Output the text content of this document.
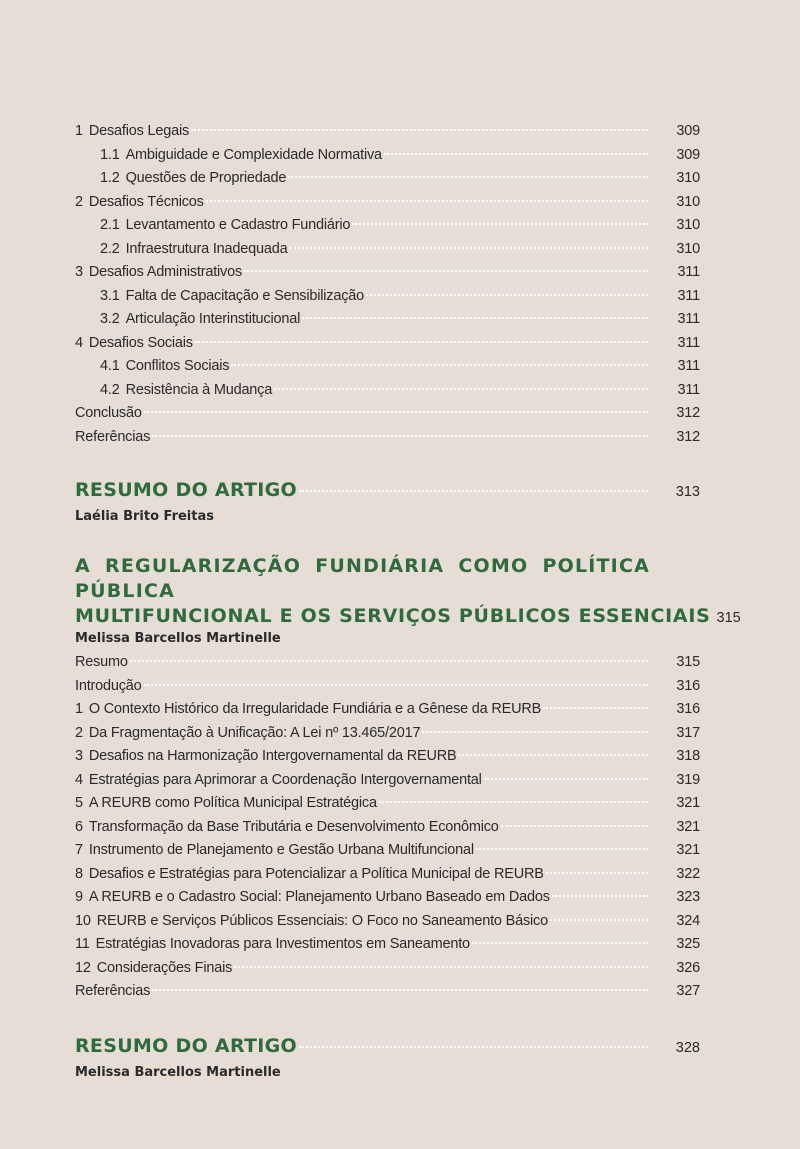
1 Desafios Legais	309
1.1 Ambiguidade e Complexidade Normativa	309
1.2 Questões de Propriedade	310
2 Desafios Técnicos	310
2.1 Levantamento e Cadastro Fundiário	310
2.2 Infraestrutura Inadequada	310
3 Desafios Administrativos	311
3.1 Falta de Capacitação e Sensibilização	311
3.2 Articulação Interinstitucional	311
4 Desafios Sociais	311
4.1 Conflitos Sociais	311
4.2 Resistência à Mudança	311
Conclusão	312
Referências	312
RESUMO DO ARTIGO	313
Laélia Brito Freitas
A REGULARIZAÇÃO FUNDIÁRIA COMO POLÍTICA PÚBLICA
MULTIFUNCIONAL E OS SERVIÇOS PÚBLICOS ESSENCIAIS 315
Melissa Barcellos Martinelle
Resumo	315
Introdução	316
1 O Contexto Histórico da Irregularidade Fundiária e a Gênese da REURB	316
2 Da Fragmentação à Unificação: A Lei nº 13.465/2017	317
3 Desafios na Harmonização Intergovernamental da REURB	318
4 Estratégias para Aprimorar a Coordenação Intergovernamental	319
5 A REURB como Política Municipal Estratégica	321
6 Transformação da Base Tributária e Desenvolvimento Econômico	321
7 Instrumento de Planejamento e Gestão Urbana Multifuncional	321
8 Desafios e Estratégias para Potencializar a Política Municipal de REURB	322
9 A REURB e o Cadastro Social: Planejamento Urbano Baseado em Dados	323
10 REURB e Serviços Públicos Essenciais: O Foco no Saneamento Básico	324
11 Estratégias Inovadoras para Investimentos em Saneamento	325
12 Considerações Finais	326
Referências	327
RESUMO DO ARTIGO	328
Melissa Barcellos Martinelle
